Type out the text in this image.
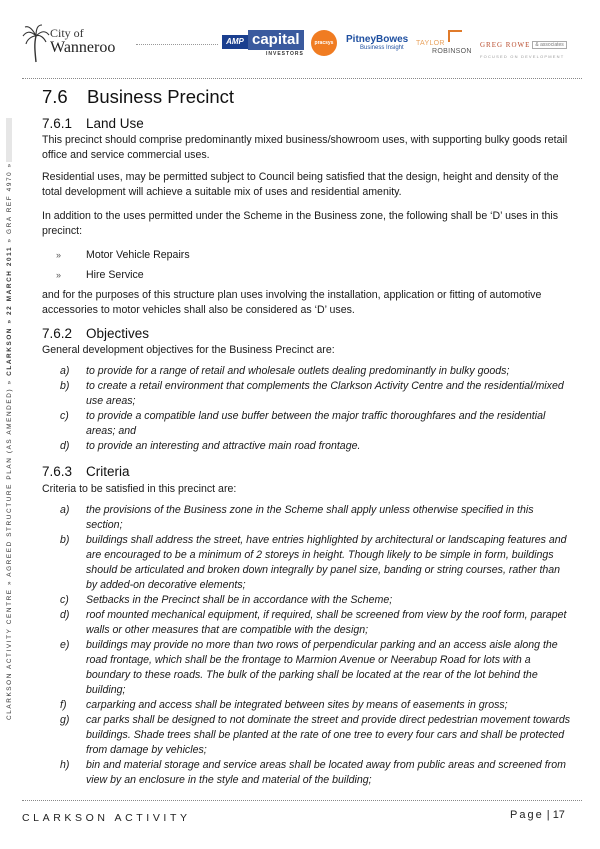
City of
Wanneroo	AMP capital
INVESTORS
pracsys	PitneyBowes
Business Insight
TAYLOR
ROBINSON
GREG ROWE & associates
FOCUSED ON DEVELOPMENT
CLARKSON ACTIVITY CENTRE » AGREED STRUCTURE PLAN (AS AMENDED) » CLARKSON » 22 MARCH 2011 » GRA REF 4970 »
7.6 Business Precinct
7.6.1 Land Use

This precinct should comprise predominantly mixed business/showroom uses, with supporting bulky goods retail office and service commercial uses.

Residential uses, may be permitted subject to Council being satisfied that the design, height and density of the total development will achieve a suitable mix of uses and residential amenity.

In addition to the uses permitted under the Scheme in the Business zone, the following shall be ‘D’ uses in this precinct:

» Motor Vehicle Repairs
» Hire Service

and for the purposes of this structure plan uses involving the installation, application or fitting of automotive accessories to motor vehicles shall also be considered as ‘D’ uses.

7.6.2 Objectives

General development objectives for the Business Precinct are:

a) to provide for a range of retail and wholesale outlets dealing predominantly in bulky goods;
b) to create a retail environment that complements the Clarkson Activity Centre and the residential/mixed use areas;
c) to provide a compatible land use buffer between the major traffic thoroughfares and the residential areas; and
d) to provide an interesting and attractive main road frontage.
7.6.3 Criteria

Criteria to be satisfied in this precinct are:

a) the provisions of the Business zone in the Scheme shall apply unless otherwise specified in this section;
b) buildings shall address the street, have entries highlighted by architectural or landscaping features and are encouraged to be a minimum of 2 storeys in height. Though likely to be simple in form, buildings should be articulated and broken down integrally by panel size, banding or string courses, rather than by added-on decorative elements;
c) Setbacks in the Precinct shall be in accordance with the Scheme;
d) roof mounted mechanical equipment, if required, shall be screened from view by the roof form, parapet walls or other measures that are compatible with the design;
e) buildings may provide no more than two rows of perpendicular parking and an access aisle along the road frontage, which shall be the frontage to Marmion Avenue or Neerabup Road for lots with a boundary to these roads. The bulk of the parking shall be located at the rear of the lot behind the building;
f) carparking and access shall be integrated between sites by means of easements in gross;
g) car parks shall be designed to not dominate the street and provide direct pedestrian movement towards buildings. Shade trees shall be planted at the rate of one tree to every four cars and shall be protected from damage by vehicles;
h) bin and material storage and service areas shall be located away from public areas and screened from view by an enclosure in the style and material of the building;
CLARKSON ACTIVITY	Page | 17
